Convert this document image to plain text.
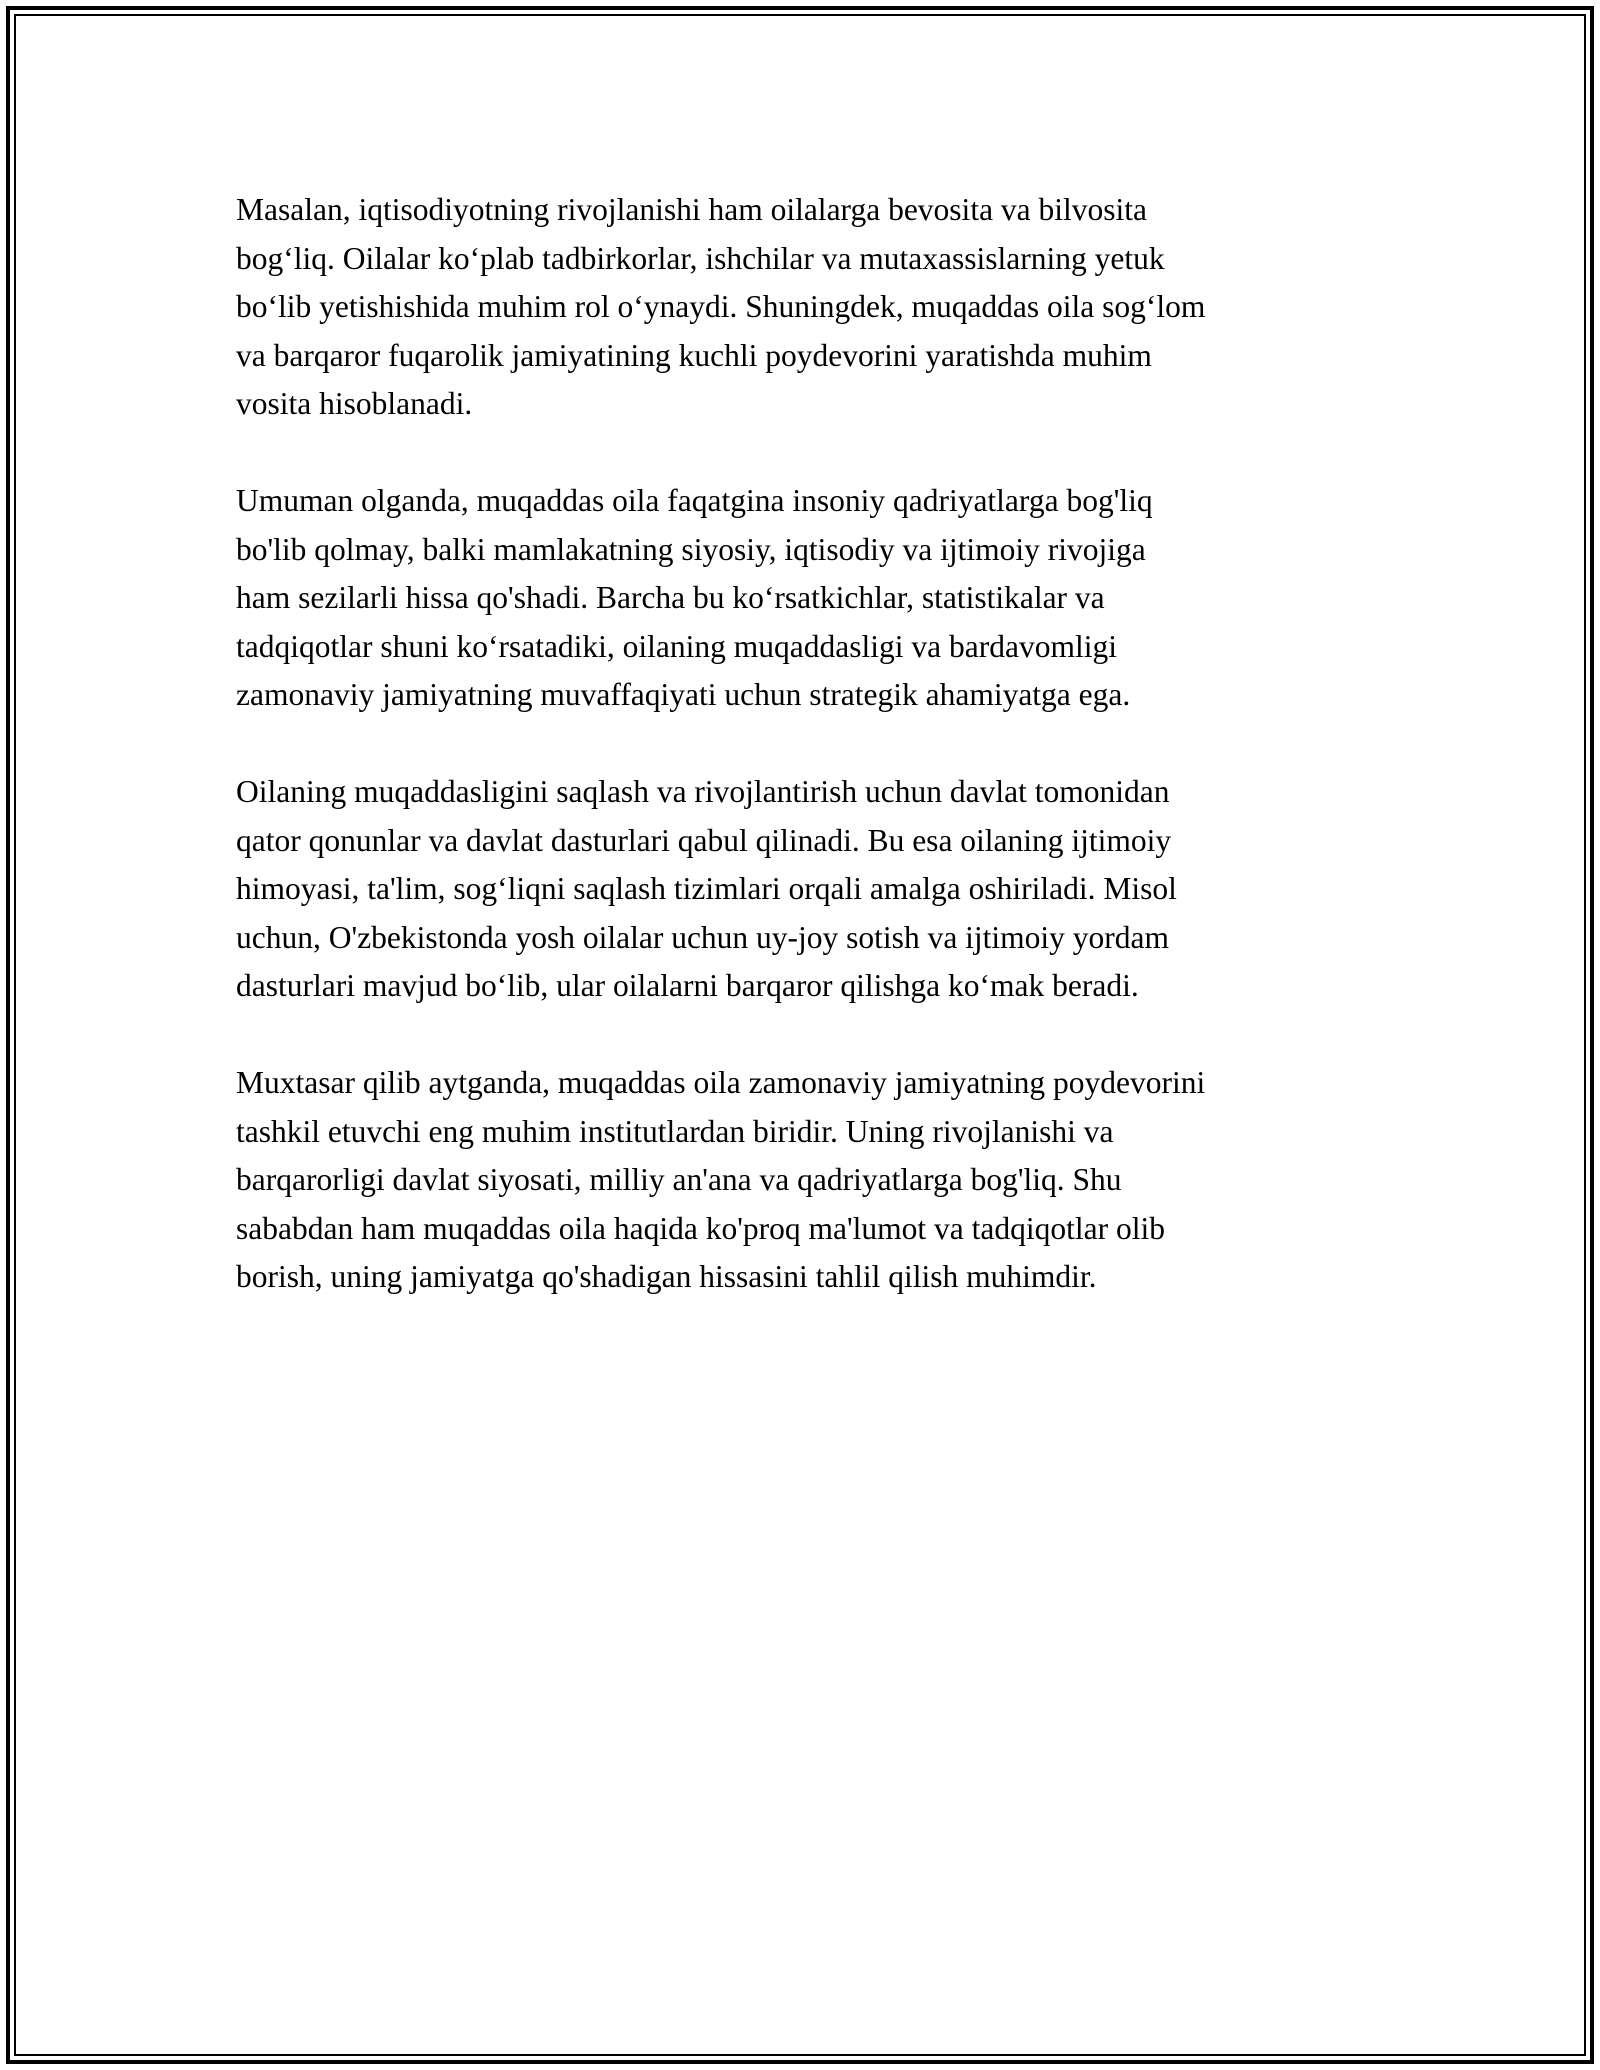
Masalan, iqtisodiyotning rivojlanishi ham oilalarga bevosita va bilvosita
bog‘liq. Oilalar ko‘plab tadbirkorlar, ishchilar va mutaxassislarning yetuk
bo‘lib yetishishida muhim rol o‘ynaydi. Shuningdek, muqaddas oila sog‘lom
va barqaror fuqarolik jamiyatining kuchli poydevorini yaratishda muhim
vosita hisoblanadi.

Umuman olganda, muqaddas oila faqatgina insoniy qadriyatlarga bog'liq
bo'lib qolmay, balki mamlakatning siyosiy, iqtisodiy va ijtimoiy rivojiga
ham sezilarli hissa qo'shadi. Barcha bu ko‘rsatkichlar, statistikalar va
tadqiqotlar shuni ko‘rsatadiki, oilaning muqaddasligi va bardavomligi
zamonaviy jamiyatning muvaffaqiyati uchun strategik ahamiyatga ega.

Oilaning muqaddasligini saqlash va rivojlantirish uchun davlat tomonidan
qator qonunlar va davlat dasturlari qabul qilinadi. Bu esa oilaning ijtimoiy
himoyasi, ta'lim, sog‘liqni saqlash tizimlari orqali amalga oshiriladi. Misol
uchun, O'zbekistonda yosh oilalar uchun uy-joy sotish va ijtimoiy yordam
dasturlari mavjud bo‘lib, ular oilalarni barqaror qilishga ko‘mak beradi.

Muxtasar qilib aytganda, muqaddas oila zamonaviy jamiyatning poydevorini
tashkil etuvchi eng muhim institutlardan biridir. Uning rivojlanishi va
barqarorligi davlat siyosati, milliy an'ana va qadriyatlarga bog'liq. Shu
sababdan ham muqaddas oila haqida ko'proq ma'lumot va tadqiqotlar olib
borish, uning jamiyatga qo'shadigan hissasini tahlil qilish muhimdir.
